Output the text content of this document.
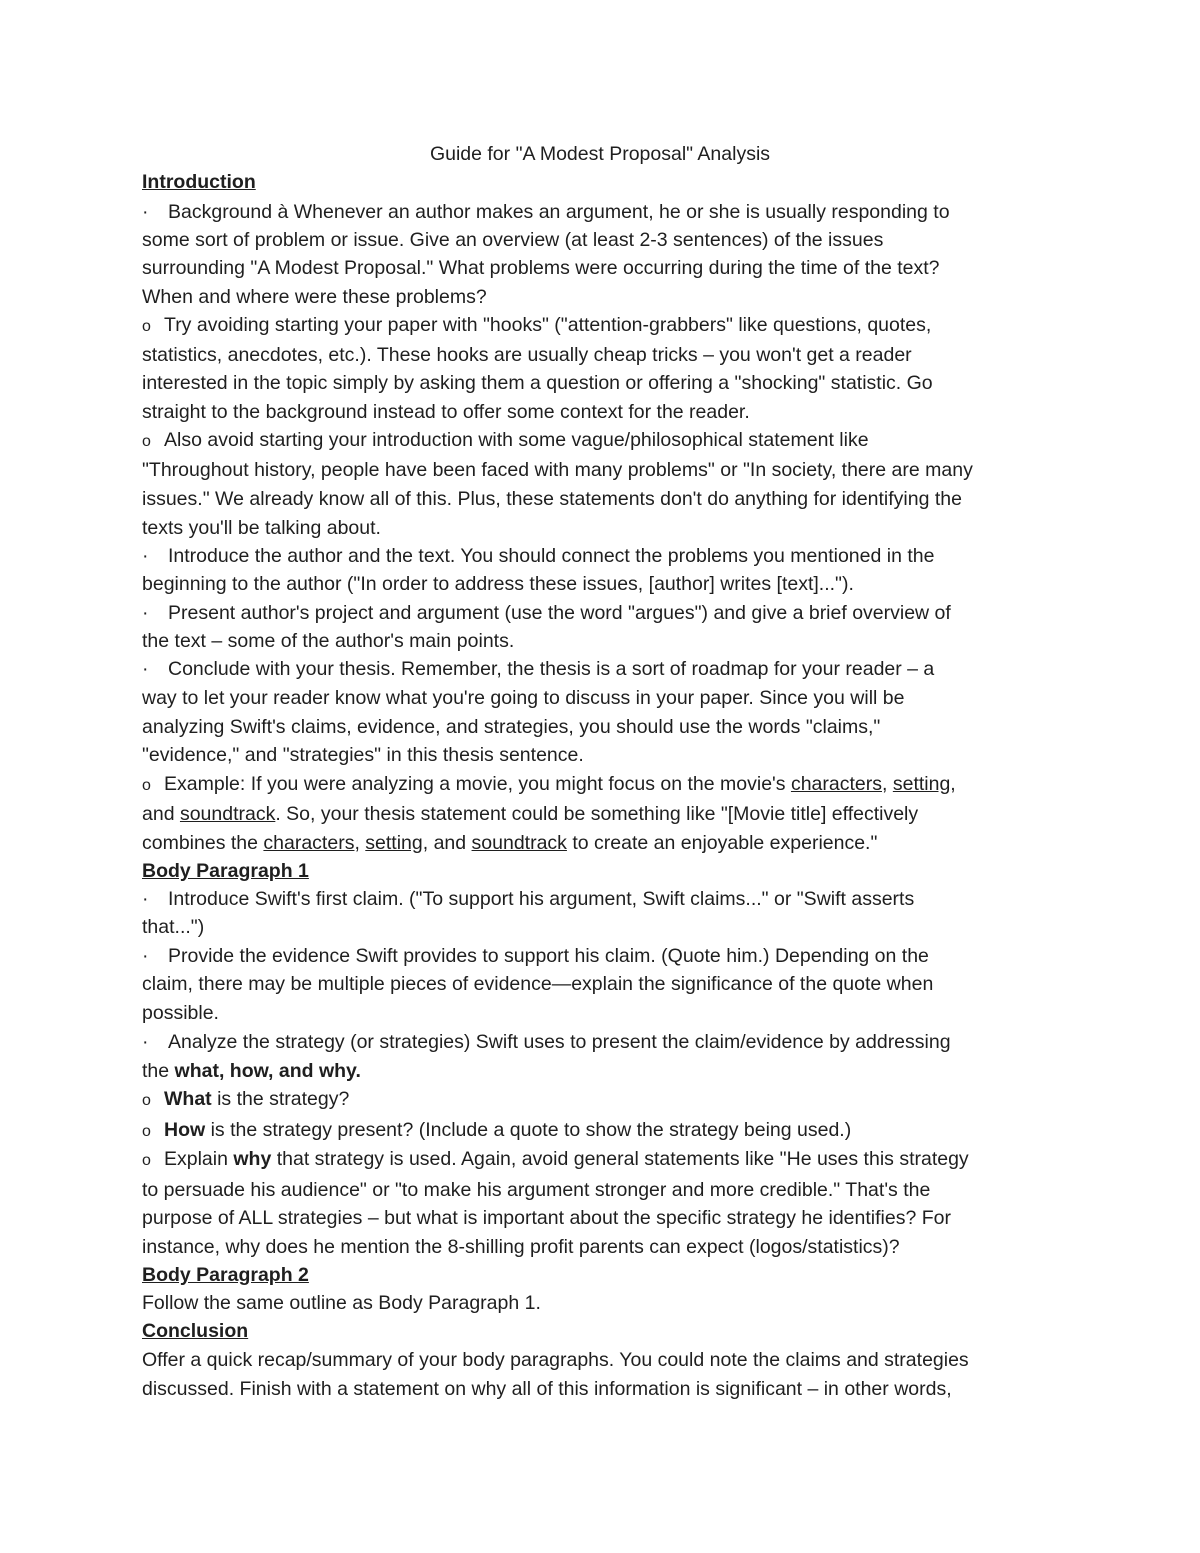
Guide for "A Modest Proposal" Analysis
Introduction
· Background à Whenever an author makes an argument, he or she is usually responding to
some sort of problem or issue. Give an overview (at least 2-3 sentences) of the issues
surrounding "A Modest Proposal." What problems were occurring during the time of the text?
When and where were these problems?
o Try avoiding starting your paper with "hooks" ("attention-grabbers" like questions, quotes,
statistics, anecdotes, etc.). These hooks are usually cheap tricks – you won't get a reader
interested in the topic simply by asking them a question or offering a "shocking" statistic. Go
straight to the background instead to offer some context for the reader.
o Also avoid starting your introduction with some vague/philosophical statement like
"Throughout history, people have been faced with many problems" or "In society, there are many
issues." We already know all of this. Plus, these statements don't do anything for identifying the
texts you'll be talking about.
· Introduce the author and the text. You should connect the problems you mentioned in the
beginning to the author ("In order to address these issues, [author] writes [text]...").
· Present author's project and argument (use the word "argues") and give a brief overview of
the text – some of the author's main points.
· Conclude with your thesis. Remember, the thesis is a sort of roadmap for your reader – a
way to let your reader know what you're going to discuss in your paper. Since you will be
analyzing Swift's claims, evidence, and strategies, you should use the words "claims,"
"evidence," and "strategies" in this thesis sentence.
o Example: If you were analyzing a movie, you might focus on the movie's characters, setting,
and soundtrack. So, your thesis statement could be something like "[Movie title] effectively
combines the characters, setting, and soundtrack to create an enjoyable experience."
Body Paragraph 1
· Introduce Swift's first claim. ("To support his argument, Swift claims..." or "Swift asserts
that...")
· Provide the evidence Swift provides to support his claim. (Quote him.) Depending on the
claim, there may be multiple pieces of evidence—explain the significance of the quote when
possible.
· Analyze the strategy (or strategies) Swift uses to present the claim/evidence by addressing
the what, how, and why.
o What is the strategy?
o How is the strategy present? (Include a quote to show the strategy being used.)
o Explain why that strategy is used. Again, avoid general statements like "He uses this strategy
to persuade his audience" or "to make his argument stronger and more credible." That's the
purpose of ALL strategies – but what is important about the specific strategy he identifies? For
instance, why does he mention the 8-shilling profit parents can expect (logos/statistics)?
Body Paragraph 2
Follow the same outline as Body Paragraph 1.
Conclusion
Offer a quick recap/summary of your body paragraphs. You could note the claims and strategies
discussed. Finish with a statement on why all of this information is significant – in other words,
